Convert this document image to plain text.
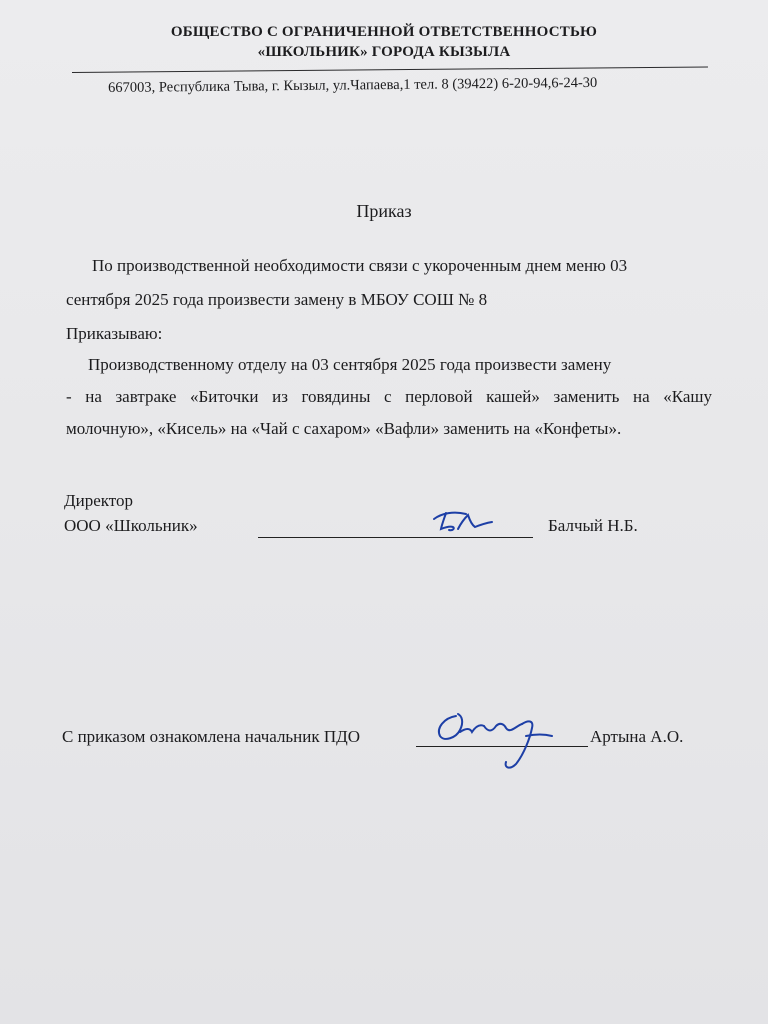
ОБЩЕСТВО С ОГРАНИЧЕННОЙ ОТВЕТСТВЕННОСТЬЮ
«ШКОЛЬНИК» ГОРОДА КЫЗЫЛА
667003, Республика Тыва, г. Кызыл, ул.Чапаева,1 тел. 8 (39422) 6-20-94,6-24-30
Приказ
По производственной необходимости связи с укороченным днем меню 03
сентября 2025 года произвести замену в МБОУ СОШ № 8
Приказываю:
Производственному отделу на 03 сентября 2025 года произвести замену
- на завтраке «Биточки из говядины с перловой кашей» заменить на «Кашу
молочную», «Кисель» на «Чай с сахаром» «Вафли» заменить на «Конфеты».
Директор
ООО «Школьник»	Балчый Н.Б.
С приказом ознакомлена начальник ПДО	Артына А.О.
